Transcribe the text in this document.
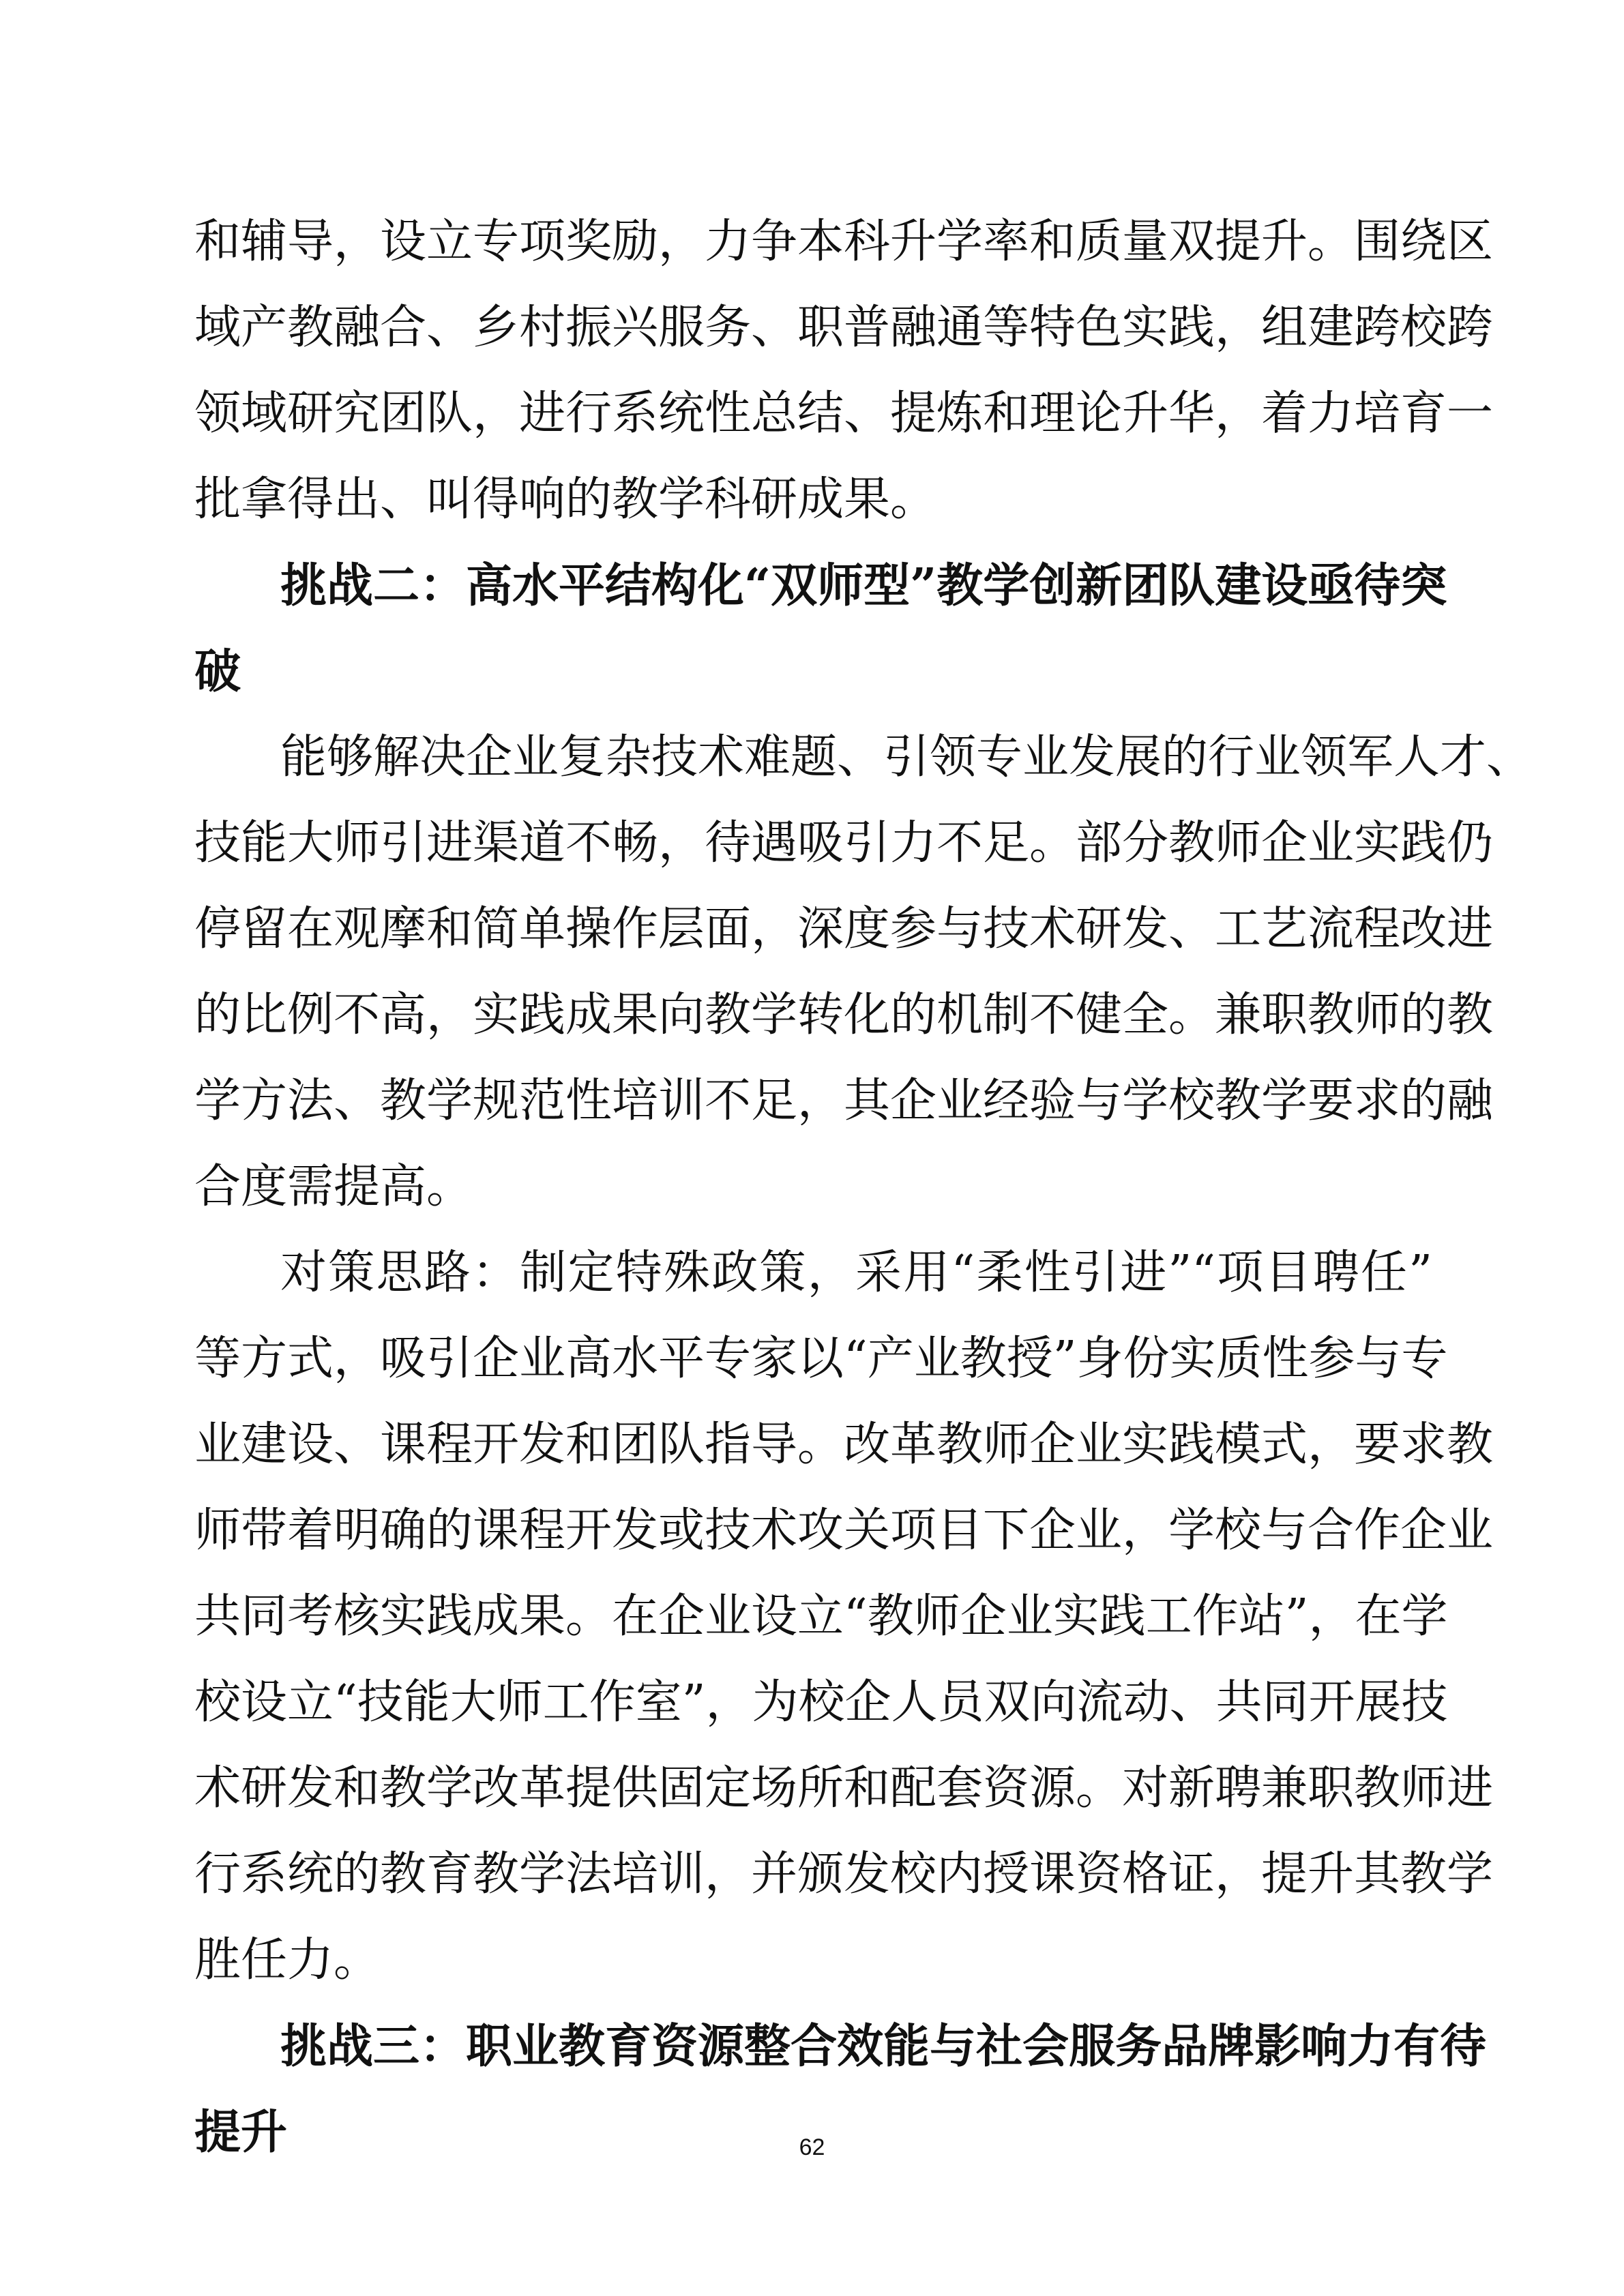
和辅导，设立专项奖励，力争本科升学率和质量双提升。围绕区
域产教融合、乡村振兴服务、职普融通等特色实践，组建跨校跨
领域研究团队，进行系统性总结、提炼和理论升华，着力培育一
批拿得出、叫得响的教学科研成果。
挑战二：高水平结构化“双师型”教学创新团队建设亟待突
破
能够解决企业复杂技术难题、引领专业发展的行业领军人才、
技能大师引进渠道不畅，待遇吸引力不足。部分教师企业实践仍
停留在观摩和简单操作层面，深度参与技术研发、工艺流程改进
的比例不高，实践成果向教学转化的机制不健全。兼职教师的教
学方法、教学规范性培训不足，其企业经验与学校教学要求的融
合度需提高。
对策思路：制定特殊政策，采用“柔性引进”“项目聘任”
等方式，吸引企业高水平专家以“产业教授”身份实质性参与专
业建设、课程开发和团队指导。改革教师企业实践模式，要求教
师带着明确的课程开发或技术攻关项目下企业，学校与合作企业
共同考核实践成果。在企业设立“教师企业实践工作站”，在学
校设立“技能大师工作室”，为校企人员双向流动、共同开展技
术研发和教学改革提供固定场所和配套资源。对新聘兼职教师进
行系统的教育教学法培训，并颁发校内授课资格证，提升其教学
胜任力。
挑战三：职业教育资源整合效能与社会服务品牌影响力有待
提升	62
